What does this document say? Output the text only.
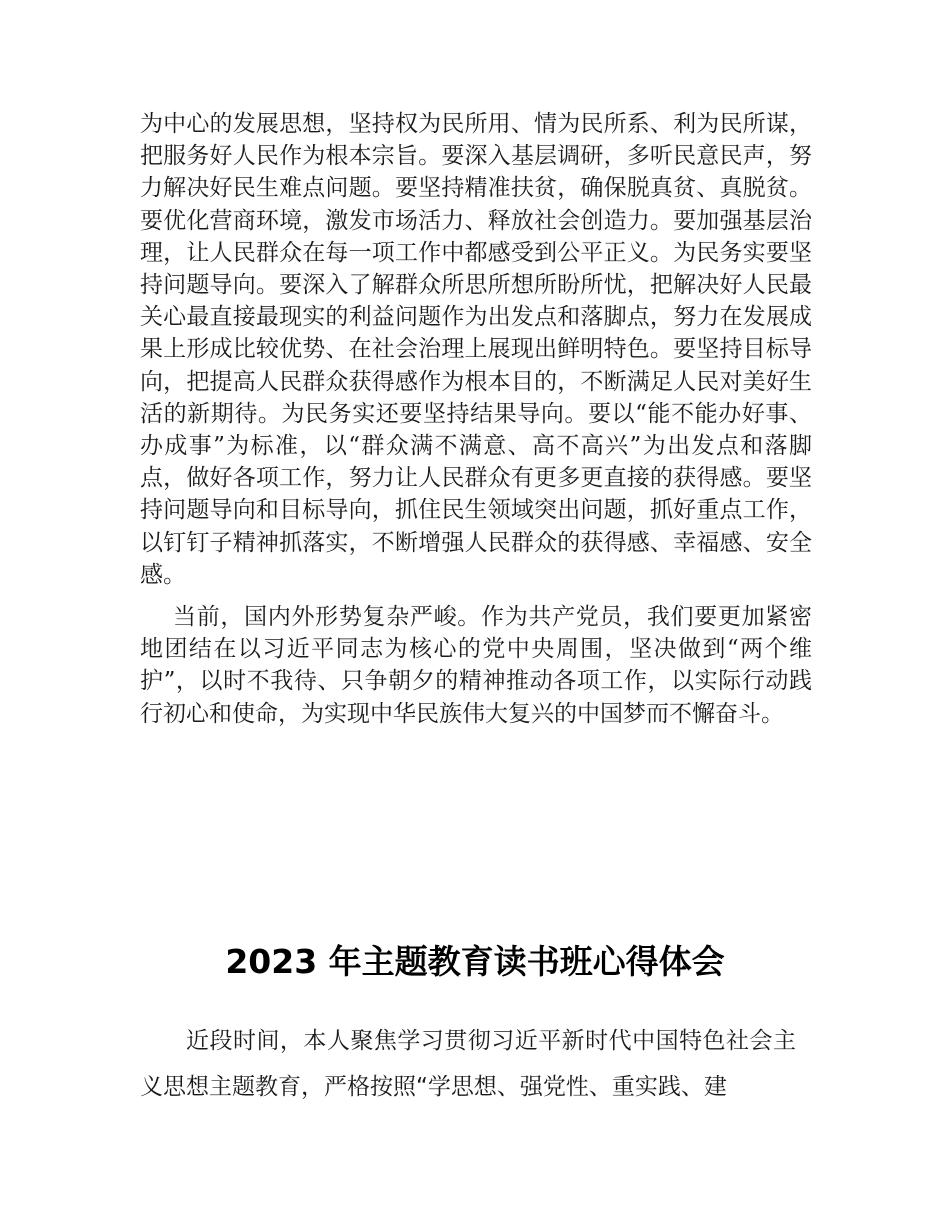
为中心的发展思想，坚持权为民所用、情为民所系、利为民所谋，把服务好人民作为根本宗旨。要深入基层调研，多听民意民声，努力解决好民生难点问题。要坚持精准扶贫，确保脱真贫、真脱贫。要优化营商环境，激发市场活力、释放社会创造力。要加强基层治理，让人民群众在每一项工作中都感受到公平正义。为民务实要坚持问题导向。要深入了解群众所思所想所盼所忧，把解决好人民最关心最直接最现实的利益问题作为出发点和落脚点，努力在发展成果上形成比较优势、在社会治理上展现出鲜明特色。要坚持目标导向，把提高人民群众获得感作为根本目的，不断满足人民对美好生活的新期待。为民务实还要坚持结果导向。要以“能不能办好事、办成事”为标准，以“群众满不满意、高不高兴”为出发点和落脚点，做好各项工作，努力让人民群众有更多更直接的获得感。要坚持问题导向和目标导向，抓住民生领域突出问题，抓好重点工作，以钉钉子精神抓落实，不断增强人民群众的获得感、幸福感、安全感。

当前，国内外形势复杂严峻。作为共产党员，我们要更加紧密地团结在以习近平同志为核心的党中央周围，坚决做到“两个维护”，以时不我待、只争朝夕的精神推动各项工作，以实际行动践行初心和使命，为实现中华民族伟大复兴的中国梦而不懈奋斗。

2023 年主题教育读书班心得体会

近段时间，本人聚焦学习贯彻习近平新时代中国特色社会主义思想主题教育，严格按照“学思想、强党性、重实践、建
